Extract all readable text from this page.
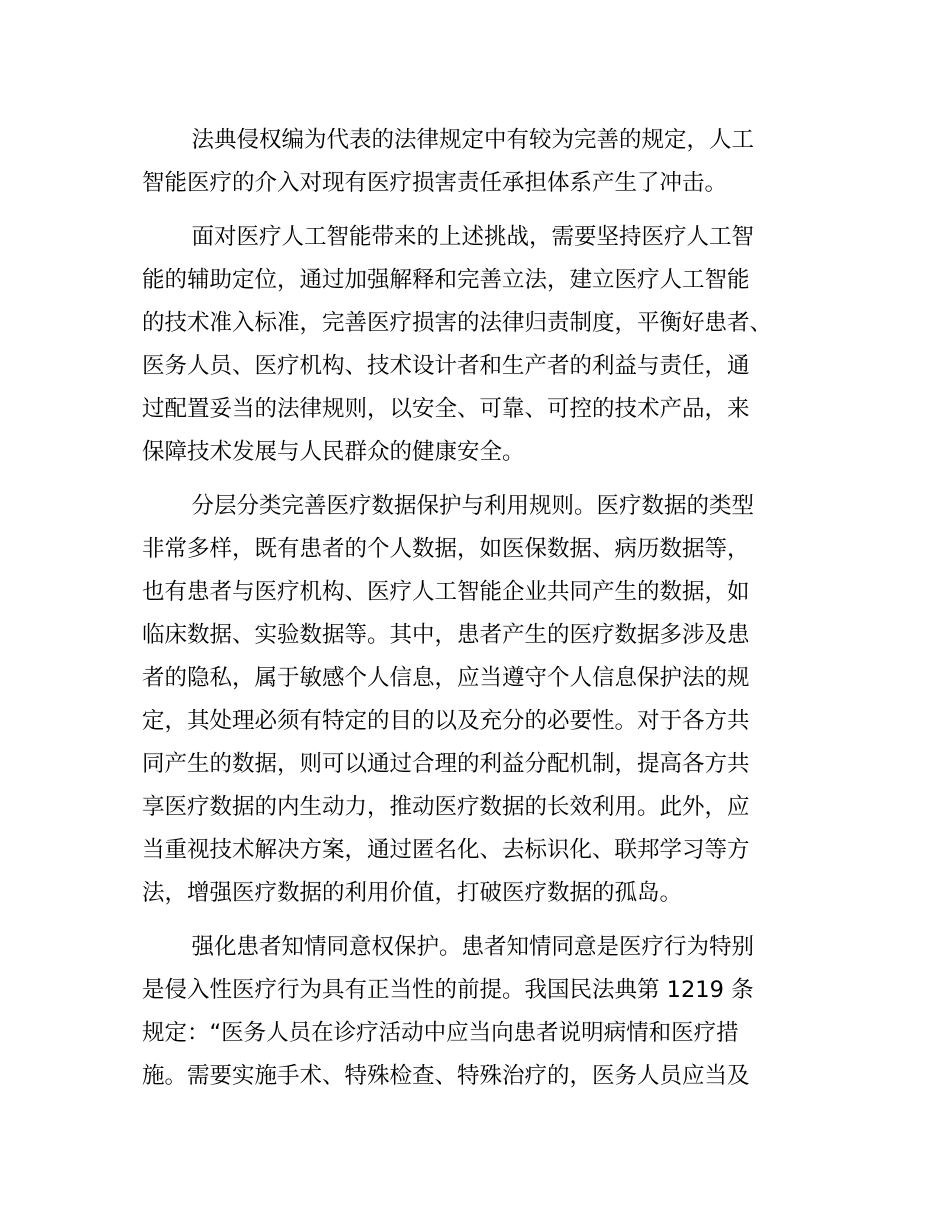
法典侵权编为代表的法律规定中有较为完善的规定，人工
智能医疗的介入对现有医疗损害责任承担体系产生了冲击。

面对医疗人工智能带来的上述挑战，需要坚持医疗人工智
能的辅助定位，通过加强解释和完善立法，建立医疗人工智能
的技术准入标准，完善医疗损害的法律归责制度，平衡好患者、
医务人员、医疗机构、技术设计者和生产者的利益与责任，通
过配置妥当的法律规则，以安全、可靠、可控的技术产品，来
保障技术发展与人民群众的健康安全。

分层分类完善医疗数据保护与利用规则。医疗数据的类型
非常多样，既有患者的个人数据，如医保数据、病历数据等，
也有患者与医疗机构、医疗人工智能企业共同产生的数据，如
临床数据、实验数据等。其中，患者产生的医疗数据多涉及患
者的隐私，属于敏感个人信息，应当遵守个人信息保护法的规
定，其处理必须有特定的目的以及充分的必要性。对于各方共
同产生的数据，则可以通过合理的利益分配机制，提高各方共
享医疗数据的内生动力，推动医疗数据的长效利用。此外，应
当重视技术解决方案，通过匿名化、去标识化、联邦学习等方
法，增强医疗数据的利用价值，打破医疗数据的孤岛。

强化患者知情同意权保护。患者知情同意是医疗行为特别
是侵入性医疗行为具有正当性的前提。我国民法典第 1219 条
规定：“医务人员在诊疗活动中应当向患者说明病情和医疗措
施。需要实施手术、特殊检查、特殊治疗的，医务人员应当及
